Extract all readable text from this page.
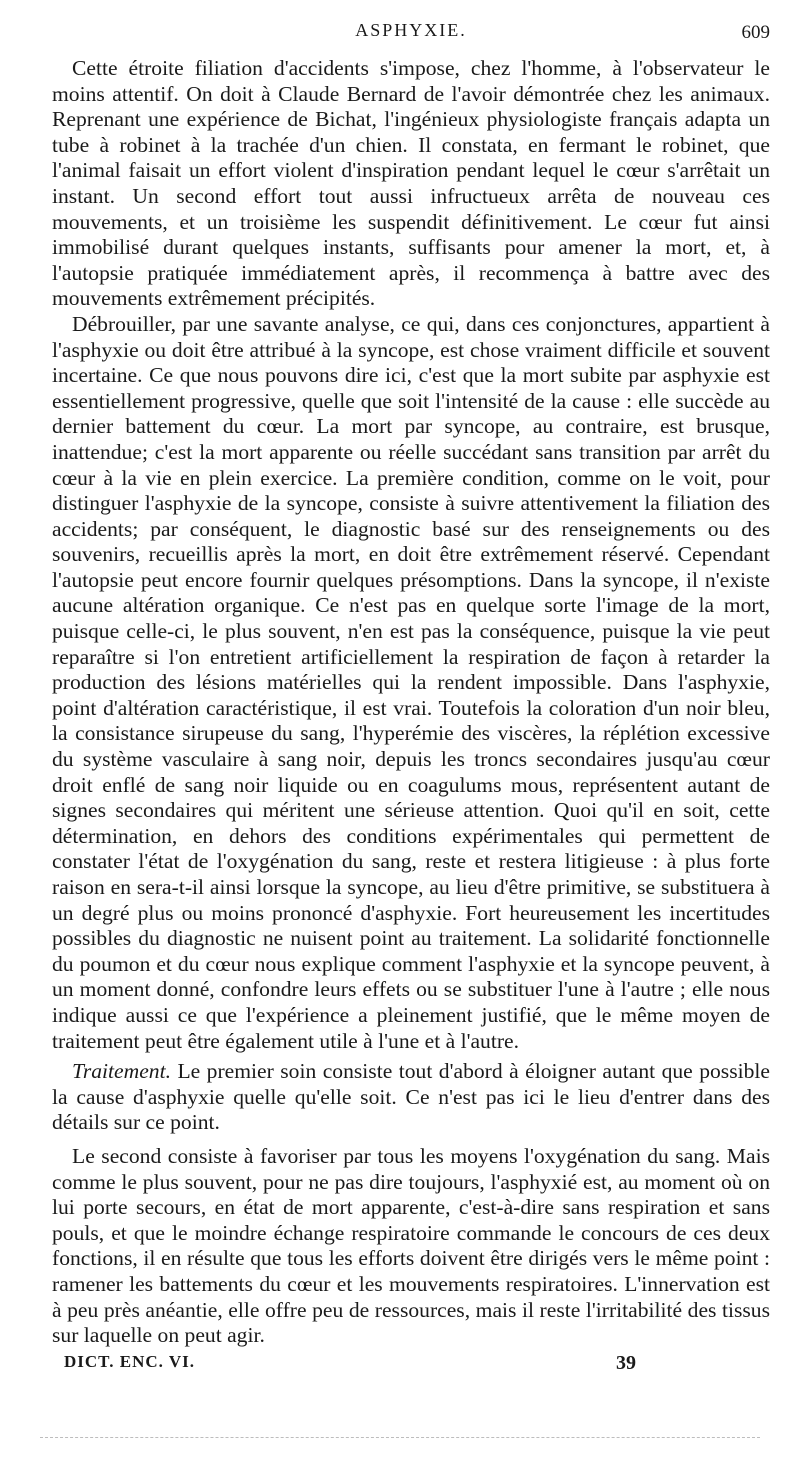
ASPHYXIE.	609

Cette étroite filiation d'accidents s'impose, chez l'homme, à l'observateur le moins attentif. On doit à Claude Bernard de l'avoir démontrée chez les animaux. Reprenant une expérience de Bichat, l'ingénieux physiologiste français adapta un tube à robinet à la trachée d'un chien. Il constata, en fermant le robinet, que l'animal faisait un effort violent d'inspiration pendant lequel le cœur s'arrêtait un instant. Un second effort tout aussi infructueux arrêta de nouveau ces mouvements, et un troisième les suspendit définitivement. Le cœur fut ainsi immobilisé durant quelques instants, suffisants pour amener la mort, et, à l'autopsie pratiquée immédiatement après, il recommença à battre avec des mouvements extrêmement précipités.

Débrouiller, par une savante analyse, ce qui, dans ces conjonctures, appartient à l'asphyxie ou doit être attribué à la syncope, est chose vraiment difficile et souvent incertaine. Ce que nous pouvons dire ici, c'est que la mort subite par asphyxie est essentiellement progressive, quelle que soit l'intensité de la cause : elle succède au dernier battement du cœur. La mort par syncope, au contraire, est brusque, inattendue; c'est la mort apparente ou réelle succédant sans transition par arrêt du cœur à la vie en plein exercice. La première condition, comme on le voit, pour distinguer l'asphyxie de la syncope, consiste à suivre attentivement la filiation des accidents; par conséquent, le diagnostic basé sur des renseignements ou des souvenirs, recueillis après la mort, en doit être extrêmement réservé. Cependant l'autopsie peut encore fournir quelques présomptions. Dans la syncope, il n'existe aucune altération organique. Ce n'est pas en quelque sorte l'image de la mort, puisque celle-ci, le plus souvent, n'en est pas la conséquence, puisque la vie peut reparaître si l'on entretient artificiellement la respiration de façon à retarder la production des lésions matérielles qui la rendent impossible. Dans l'asphyxie, point d'altération caractéristique, il est vrai. Toutefois la coloration d'un noir bleu, la consistance sirupeuse du sang, l'hyperémie des viscères, la réplétion excessive du système vasculaire à sang noir, depuis les troncs secondaires jusqu'au cœur droit enflé de sang noir liquide ou en coagulums mous, représentent autant de signes secondaires qui méritent une sérieuse attention. Quoi qu'il en soit, cette détermination, en dehors des conditions expérimentales qui permettent de constater l'état de l'oxygénation du sang, reste et restera litigieuse : à plus forte raison en sera-t-il ainsi lorsque la syncope, au lieu d'être primitive, se substituera à un degré plus ou moins prononcé d'asphyxie. Fort heureusement les incertitudes possibles du diagnostic ne nuisent point au traitement. La solidarité fonctionnelle du poumon et du cœur nous explique comment l'asphyxie et la syncope peuvent, à un moment donné, confondre leurs effets ou se substituer l'une à l'autre ; elle nous indique aussi ce que l'expérience a pleinement justifié, que le même moyen de traitement peut être également utile à l'une et à l'autre.

Traitement. Le premier soin consiste tout d'abord à éloigner autant que possible la cause d'asphyxie quelle qu'elle soit. Ce n'est pas ici le lieu d'entrer dans des détails sur ce point.

Le second consiste à favoriser par tous les moyens l'oxygénation du sang. Mais comme le plus souvent, pour ne pas dire toujours, l'asphyxié est, au moment où on lui porte secours, en état de mort apparente, c'est-à-dire sans respiration et sans pouls, et que le moindre échange respiratoire commande le concours de ces deux fonctions, il en résulte que tous les efforts doivent être dirigés vers le même point : ramener les battements du cœur et les mouvements respiratoires. L'innervation est à peu près anéantie, elle offre peu de ressources, mais il reste l'irritabilité des tissus sur laquelle on peut agir.

DICT. ENC. VI.	39
